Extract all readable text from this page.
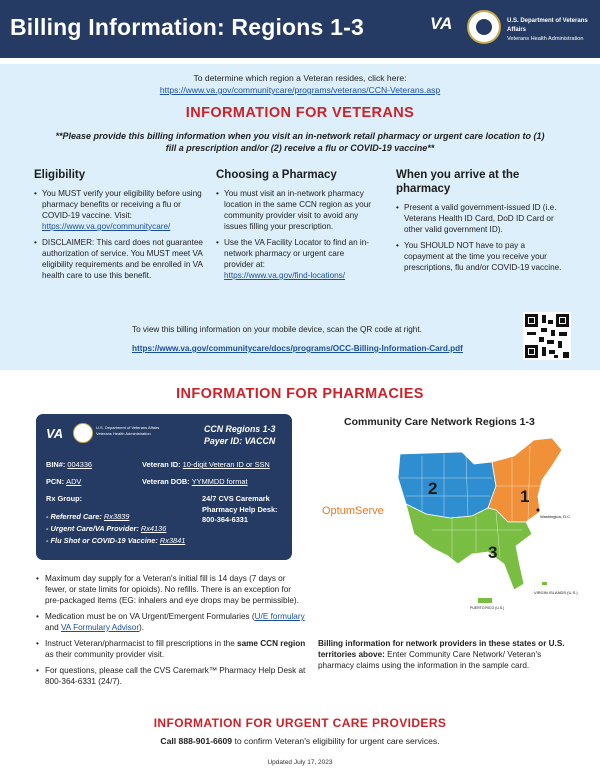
Billing Information: Regions 1-3	VA	U.S. Department of Veterans Affairs
Veterans Health Administration
To determine which region a Veteran resides, click here:
https://www.va.gov/communitycare/programs/veterans/CCN-Veterans.asp
INFORMATION FOR VETERANS
**Please provide this billing information when you visit an in-network retail pharmacy or urgent care location to (1) fill a prescription and/or (2) receive a flu or COVID-19 vaccine**
Eligibility
• You MUST verify your eligibility before using pharmacy benefits or receiving a flu or COVID-19 vaccine. Visit:
https://www.va.gov/communitycare/
• DISCLAIMER: This card does not guarantee authorization of service. You MUST meet VA eligibility requirements and be enrolled in VA health care to use this benefit.
Choosing a Pharmacy
• You must visit an in-network pharmacy location in the same CCN region as your community provider visit to avoid any issues filling your prescription.
• Use the VA Facility Locator to find an in-network pharmacy or urgent care provider at:
https://www.va.gov/find-locations/
When you arrive at the pharmacy
• Present a valid government-issued ID (i.e. Veterans Health ID Card, DoD ID Card or other valid government ID).
• You SHOULD NOT have to pay a copayment at the time you receive your prescriptions, flu and/or COVID-19 vaccine.
To view this billing information on your mobile device, scan the QR code at right.
https://www.va.gov/communitycare/docs/programs/OCC-Billing-Information-Card.pdf
INFORMATION FOR PHARMACIES
VA	U.S. Department of Veterans Affairs
Veterans Health Administration	CCN Regions 1-3
Payer ID: VACCN
BIN#: 004336	Veteran ID: 10-digit Veteran ID or SSN
PCN: ADV	Veteran DOB: YYMMDD format
Rx Group:	24/7 CVS Caremark
Pharmacy Help Desk:
800-364-6331
- Referred Care: Rx3839
- Urgent Care/VA Provider: Rx4136
- Flu Shot or COVID-19 Vaccine: Rx3841
Community Care Network Regions 1-3
OptumServe
2	1
3
Washington, D.C.
PUERTO RICO (U.S.)
VIRGIN ISLANDS (U.S.)
• Maximum day supply for a Veteran's initial fill is 14 days (7 days or fewer, or state limits for opioids). No refills. There is an exception for pre-packaged items (EG: inhalers and eye drops may be permissible).
• Medication must be on VA Urgent/Emergent Formularies (U/E formulary and VA Formulary Advisor).
• Instruct Veteran/pharmacist to fill prescriptions in the same CCN region as their community provider visit.
• For questions, please call the CVS Caremark™ Pharmacy Help Desk at 800-364-6331 (24/7).
Billing information for network providers in these states or U.S. territories above: Enter Community Care Network/ Veteran's pharmacy claims using the information in the sample card.
INFORMATION FOR URGENT CARE PROVIDERS
Call 888-901-6609 to confirm Veteran's eligibility for urgent care services.
Updated July 17, 2023
